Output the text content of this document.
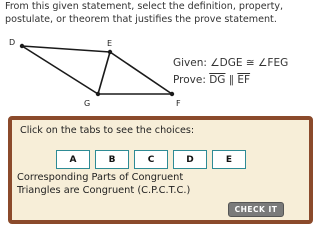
From this given statement, select the definition, property, postulate, or theorem that justifies the prove statement.
D	E
G	F
Given: ∠DGE ≅ ∠FEG
Prove: $\overline{DG}$ ∥ $\overline{EF}$
Click on the tabs to see the choices:
A	B	C	D	E
Corresponding Parts of Congruent Triangles are Congruent (C.P.C.T.C.)
CHECK IT
